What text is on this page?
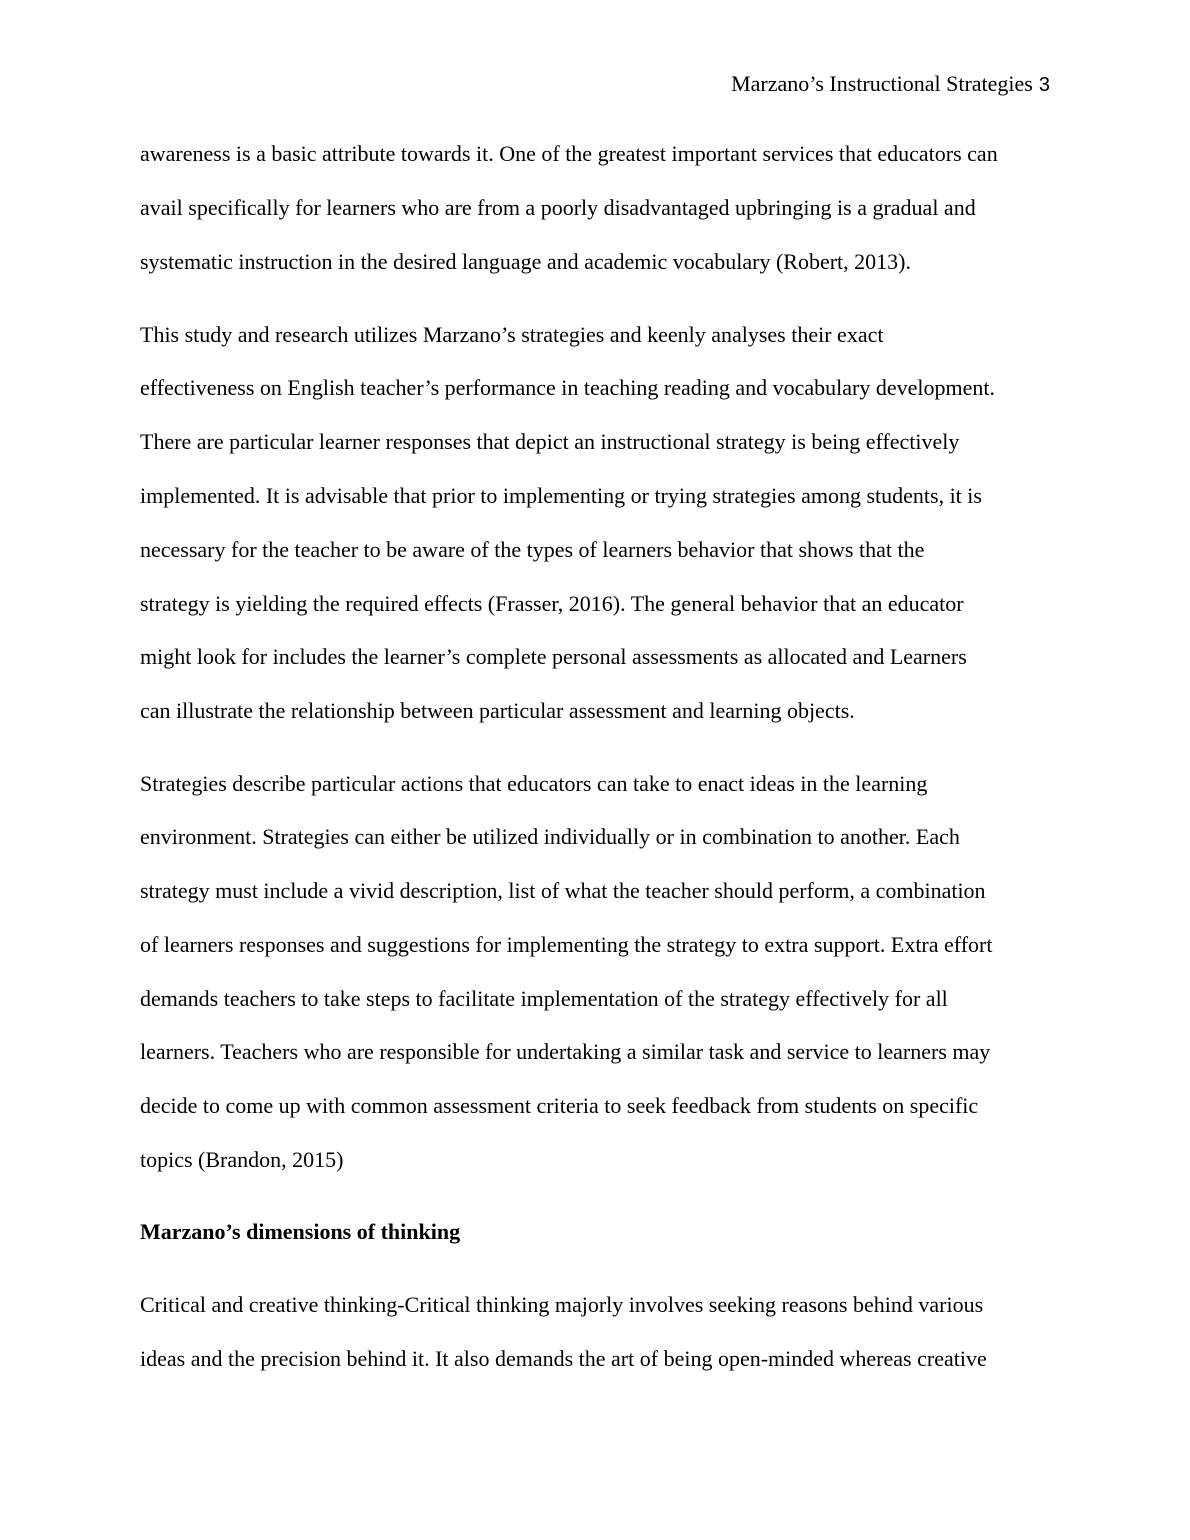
Marzano’s Instructional Strategies 3
awareness is a basic attribute towards it. One of the greatest important services that educators can
avail specifically for learners who are from a poorly disadvantaged upbringing is a gradual and
systematic instruction in the desired language and academic vocabulary (Robert, 2013).
This study and research utilizes Marzano’s strategies and keenly analyses their exact
effectiveness on English teacher’s performance in teaching reading and vocabulary development.
There are particular learner responses that depict an instructional strategy is being effectively
implemented. It is advisable that prior to implementing or trying strategies among students, it is
necessary for the teacher to be aware of the types of learners behavior that shows that the
strategy is yielding the required effects (Frasser, 2016). The general behavior that an educator
might look for includes the learner’s complete personal assessments as allocated and Learners
can illustrate the relationship between particular assessment and learning objects.
Strategies describe particular actions that educators can take to enact ideas in the learning
environment. Strategies can either be utilized individually or in combination to another. Each
strategy must include a vivid description, list of what the teacher should perform, a combination
of learners responses and suggestions for implementing the strategy to extra support. Extra effort
demands teachers to take steps to facilitate implementation of the strategy effectively for all
learners. Teachers who are responsible for undertaking a similar task and service to learners may
decide to come up with common assessment criteria to seek feedback from students on specific
topics (Brandon, 2015)
Marzano’s dimensions of thinking
Critical and creative thinking-Critical thinking majorly involves seeking reasons behind various
ideas and the precision behind it. It also demands the art of being open-minded whereas creative
